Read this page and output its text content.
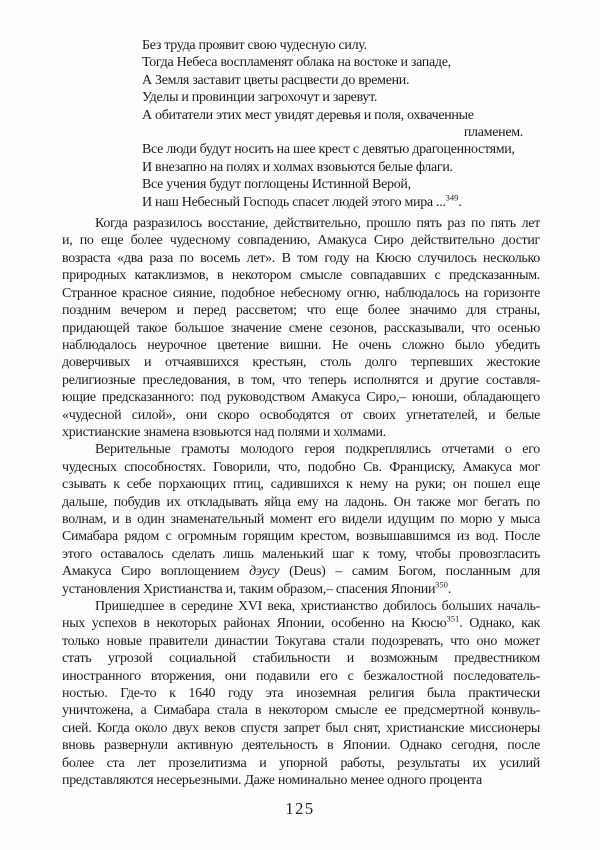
Без труда проявит свою чудесную силу.
Тогда Небеса воспламенят облака на востоке и западе,
А Земля заставит цветы расцвести до времени.
Уделы и провинции загрохочут и заревут.
А обитатели этих мест увидят деревья и поля, охваченные
пламенем.
Все люди будут носить на шее крест с девятью драгоценностями,
И внезапно на полях и холмах взовьются белые флаги.
Все учения будут поглощены Истинной Верой,
И наш Небесный Господь спасет людей этого мира ...$^{349}$.
Когда разразилось восстание, действительно, прошло пять раз по пять лет
и, по еще более чудесному совпадению, Амакуса Сиро действительно достиг
возраста «два раза по восемь лет». В том году на Кюсю случилось несколько
природных катаклизмов, в некотором смысле совпадавших с предсказанным.
Странное красное сияние, подобное небесному огню, наблюдалось на горизонте
поздним вечером и перед рассветом; что еще более значимо для страны,
придающей такое большое значение смене сезонов, рассказывали, что осенью
наблюдалось неурочное цветение вишни. Не очень сложно было убедить
доверчивых и отчаявшихся крестьян, столь долго терпевших жестокие
религиозные преследования, в том, что теперь исполнятся и другие составля-
ющие предсказанного: под руководством Амакуса Сиро,– юноши, обладающего
«чудесной силой», они скоро освободятся от своих угнетателей, и белые
христианские знамена взовьются над полями и холмами.
Верительные грамоты молодого героя подкреплялись отчетами о его
чудесных способностях. Говорили, что, подобно Св. Франциску, Амакуса мог
сзывать к себе порхающих птиц, садившихся к нему на руки; он пошел еще
дальше, побудив их откладывать яйца ему на ладонь. Он также мог бегать по
волнам, и в один знаменательный момент его видели идущим по морю у мыса
Симабара рядом с огромным горящим крестом, возвышавшимся из вод. После
этого оставалось сделать лишь маленький шаг к тому, чтобы провозгласить
Амакуса Сиро воплощением дэусу (Deus) – самим Богом, посланным для
установления Христианства и, таким образом,– спасения Японии$^{350}$.
Пришедшее в середине XVI века, христианство добилось больших началь-
ных успехов в некоторых районах Японии, особенно на Кюсю$^{351}$. Однако, как
только новые правители династии Токугава стали подозревать, что оно может
стать угрозой социальной стабильности и возможным предвестником
иностранного вторжения, они подавили его с безжалостной последователь-
ностью. Где-то к 1640 году эта иноземная религия была практически
уничтожена, а Симабара стала в некотором смысле ее предсмертной конвуль-
сией. Когда около двух веков спустя запрет был снят, христианские миссионеры
вновь развернули активную деятельность в Японии. Однако сегодня, после
более ста лет прозелитизма и упорной работы, результаты их усилий
представляются несерьезными. Даже номинально менее одного процента
125
